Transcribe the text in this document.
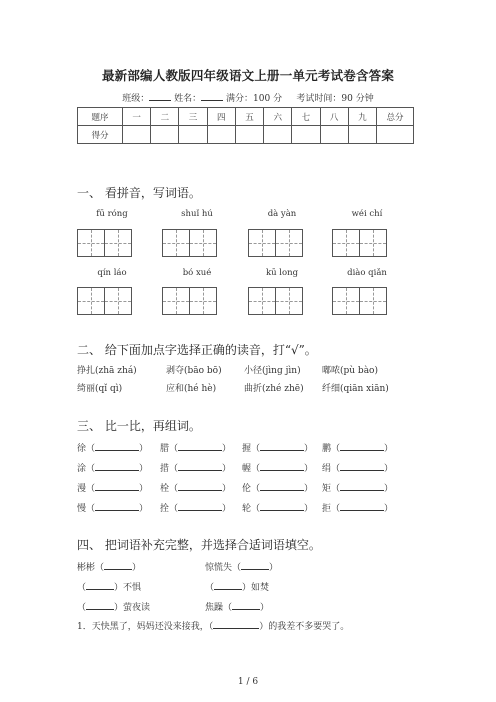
最新部编人教版四年级语文上册一单元考试卷含答案
班级：	姓名：	满分：100 分 考试时间：90 分钟
题序	一	二	三	四	五	六	七	八	九	总分
得分										
一、 看拼音，写词语。
fū róng	shuǐ hú	dà yàn	wéi chí
qín láo	bó xué	kū long	diào qiǎn
二、 给下面加点字选择正确的读音，打“√”。
挣扎(zhā zhá)	剥夺(bāo bō) 小径(jìng jìn) 嘟哝(pù bào)
绮丽(qǐ qì)	应和(hé hè)	曲折(zhé zhē) 纤细(qiān xiān)
三、 比一比，再组词。
徐（	） 腊（	） 握（	） 鹏（	）
涂（	） 措（	） 幄（	） 绢（	）
漫（	） 栓（	） 伦（	） 矩（	）
慢（	） 拴（	） 轮（	） 拒（	）
四、 把词语补充完整，并选择合适词语填空。
彬彬（	）	惊慌失（	）
（	）不惧	（	）如焚
（	）萤夜读	焦躁（	）
1．天快黑了，妈妈还没来接我，（	）的我差不多要哭了。
1 / 6
